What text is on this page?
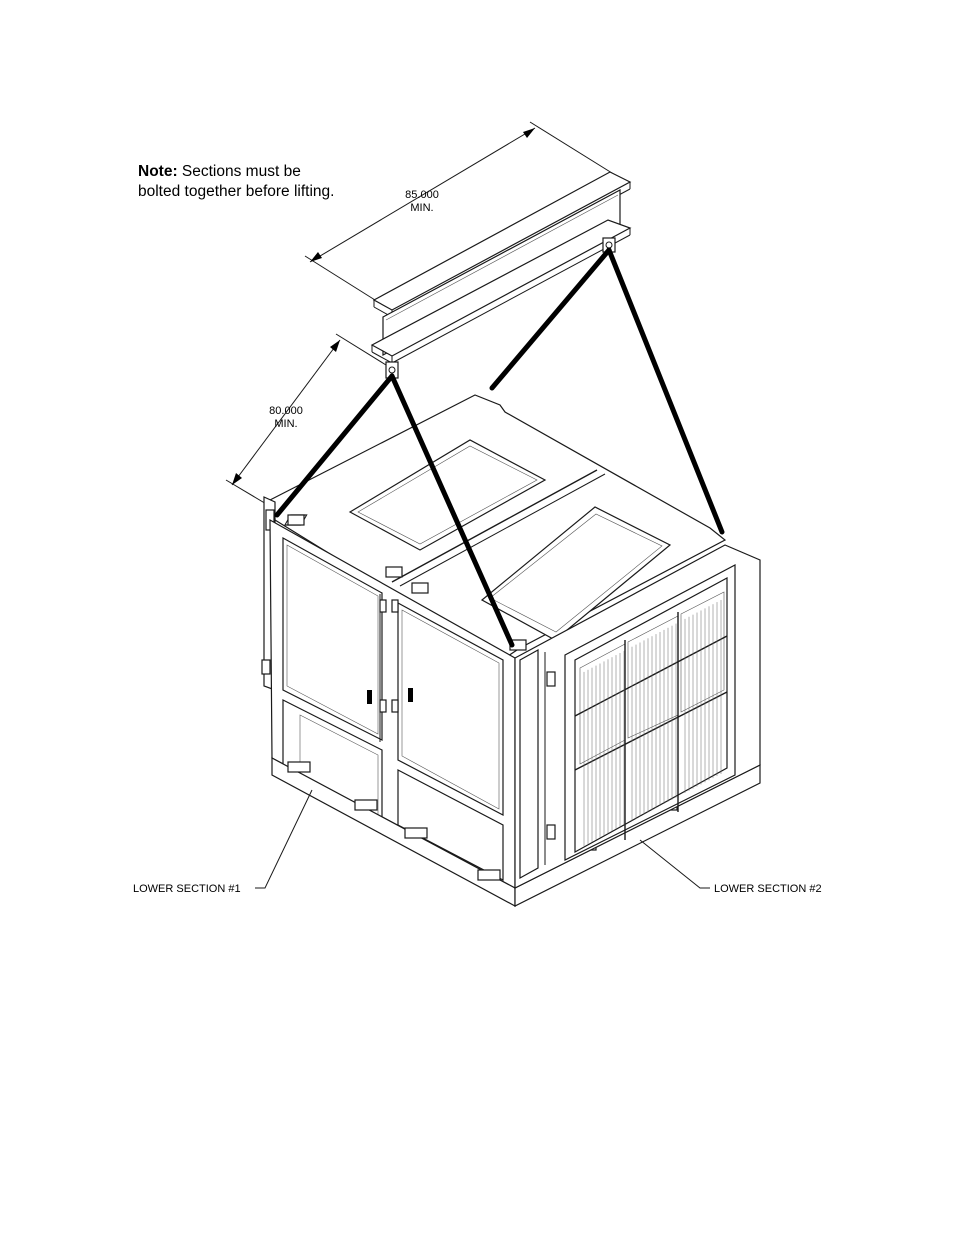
Note: Sections must be
bolted together before lifting.	85.000
MIN.
80.000
MIN.
LOWER SECTION #1	LOWER SECTION #2
